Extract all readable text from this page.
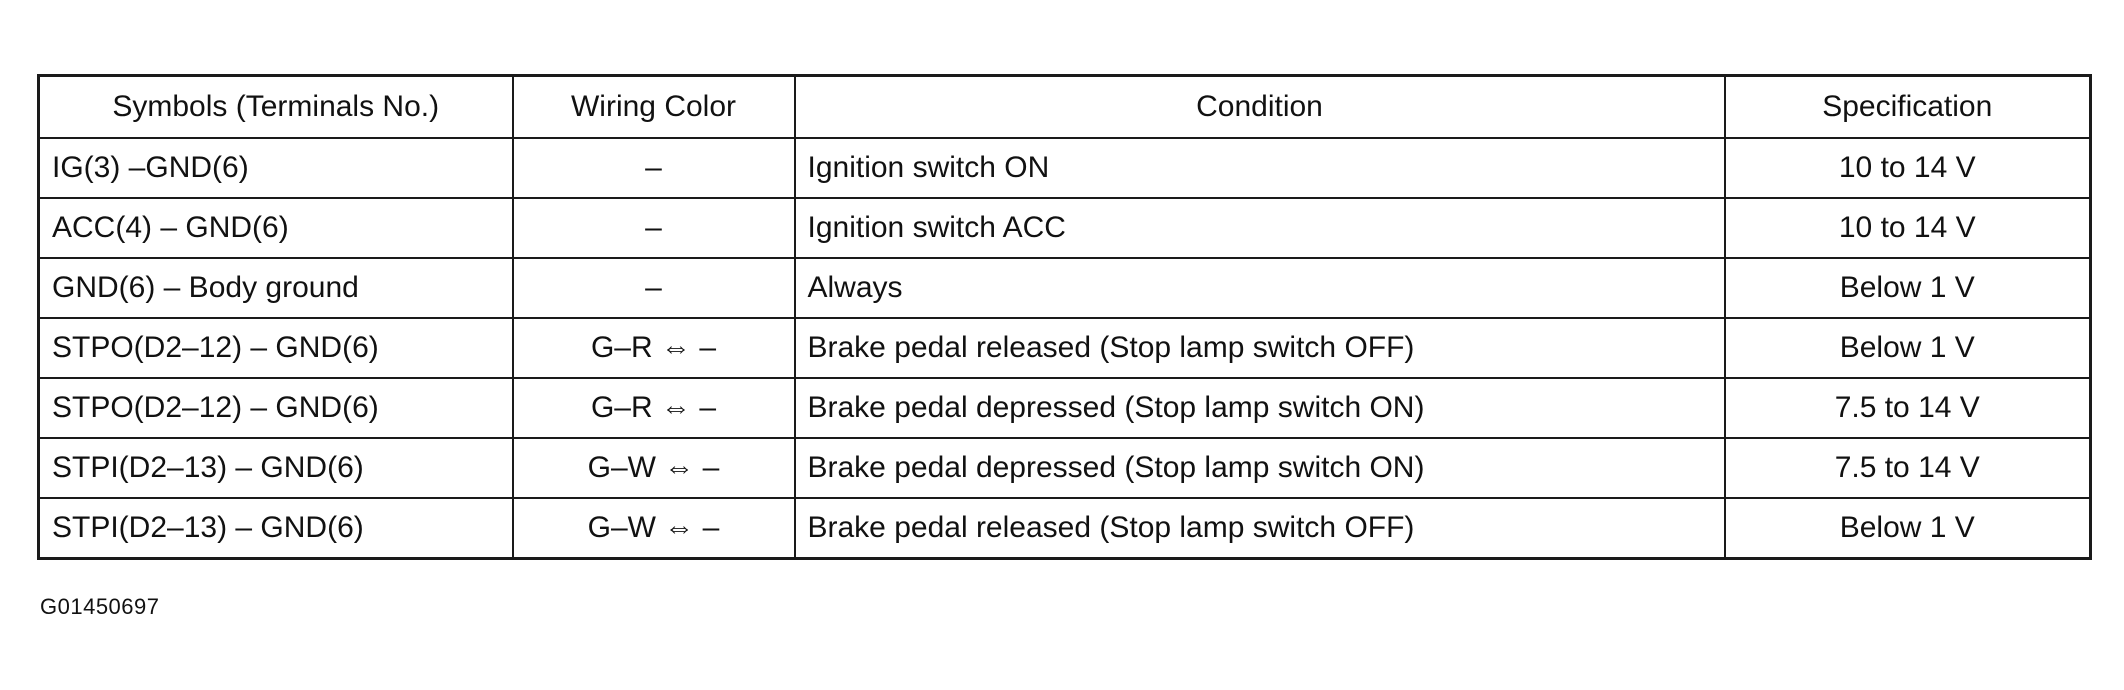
Symbols (Terminals No.)	Wiring Color	Condition	Specification
IG(3) –GND(6)	–	Ignition switch ON	10 to 14 V
ACC(4) – GND(6)	–	Ignition switch ACC	10 to 14 V
GND(6) – Body ground	–	Always	Below 1 V
STPO(D2–12) – GND(6)	G–R ⇔ –	Brake pedal released (Stop lamp switch OFF)	Below 1 V
STPO(D2–12) – GND(6)	G–R ⇔ –	Brake pedal depressed (Stop lamp switch ON)	7.5 to 14 V
STPI(D2–13) – GND(6)	G–W ⇔ –	Brake pedal depressed (Stop lamp switch ON)	7.5 to 14 V
STPI(D2–13) – GND(6)	G–W ⇔ –	Brake pedal released (Stop lamp switch OFF)	Below 1 V
G01450697
